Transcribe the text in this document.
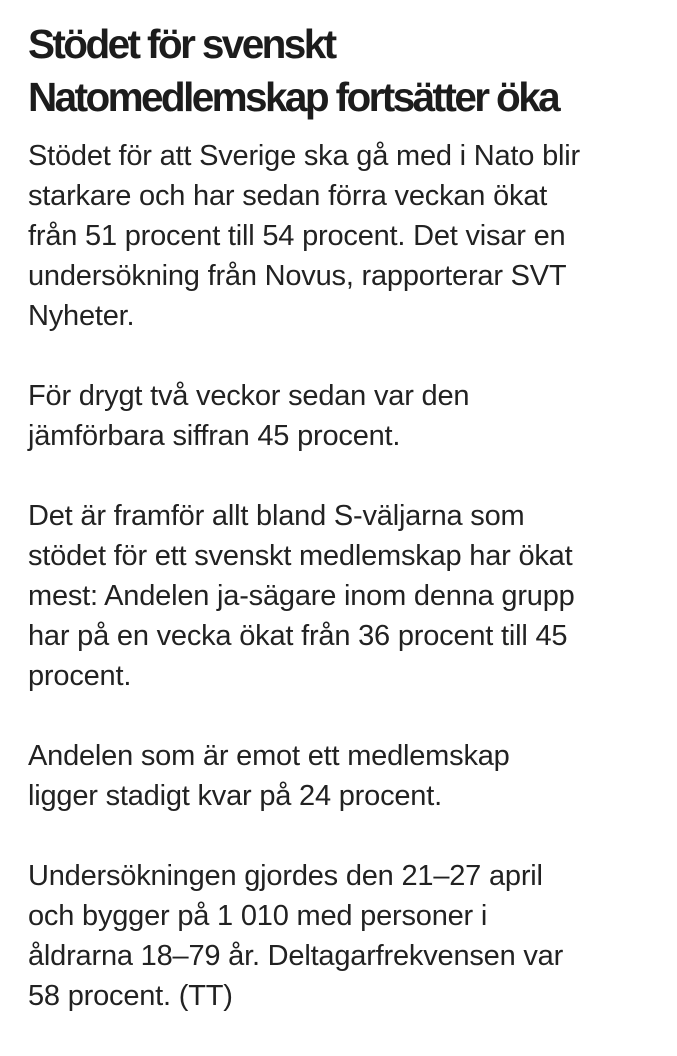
Stödet för svenskt
Natomedlemskap fortsätter öka
Stödet för att Sverige ska gå med i Nato blir
starkare och har sedan förra veckan ökat
från 51 procent till 54 procent. Det visar en
undersökning från Novus, rapporterar SVT
Nyheter.
För drygt två veckor sedan var den
jämförbara siffran 45 procent.
Det är framför allt bland S-väljarna som
stödet för ett svenskt medlemskap har ökat
mest: Andelen ja-sägare inom denna grupp
har på en vecka ökat från 36 procent till 45
procent.
Andelen som är emot ett medlemskap
ligger stadigt kvar på 24 procent.
Undersökningen gjordes den 21–27 april
och bygger på 1 010 med personer i
åldrarna 18–79 år. Deltagarfrekvensen var
58 procent. (TT)
